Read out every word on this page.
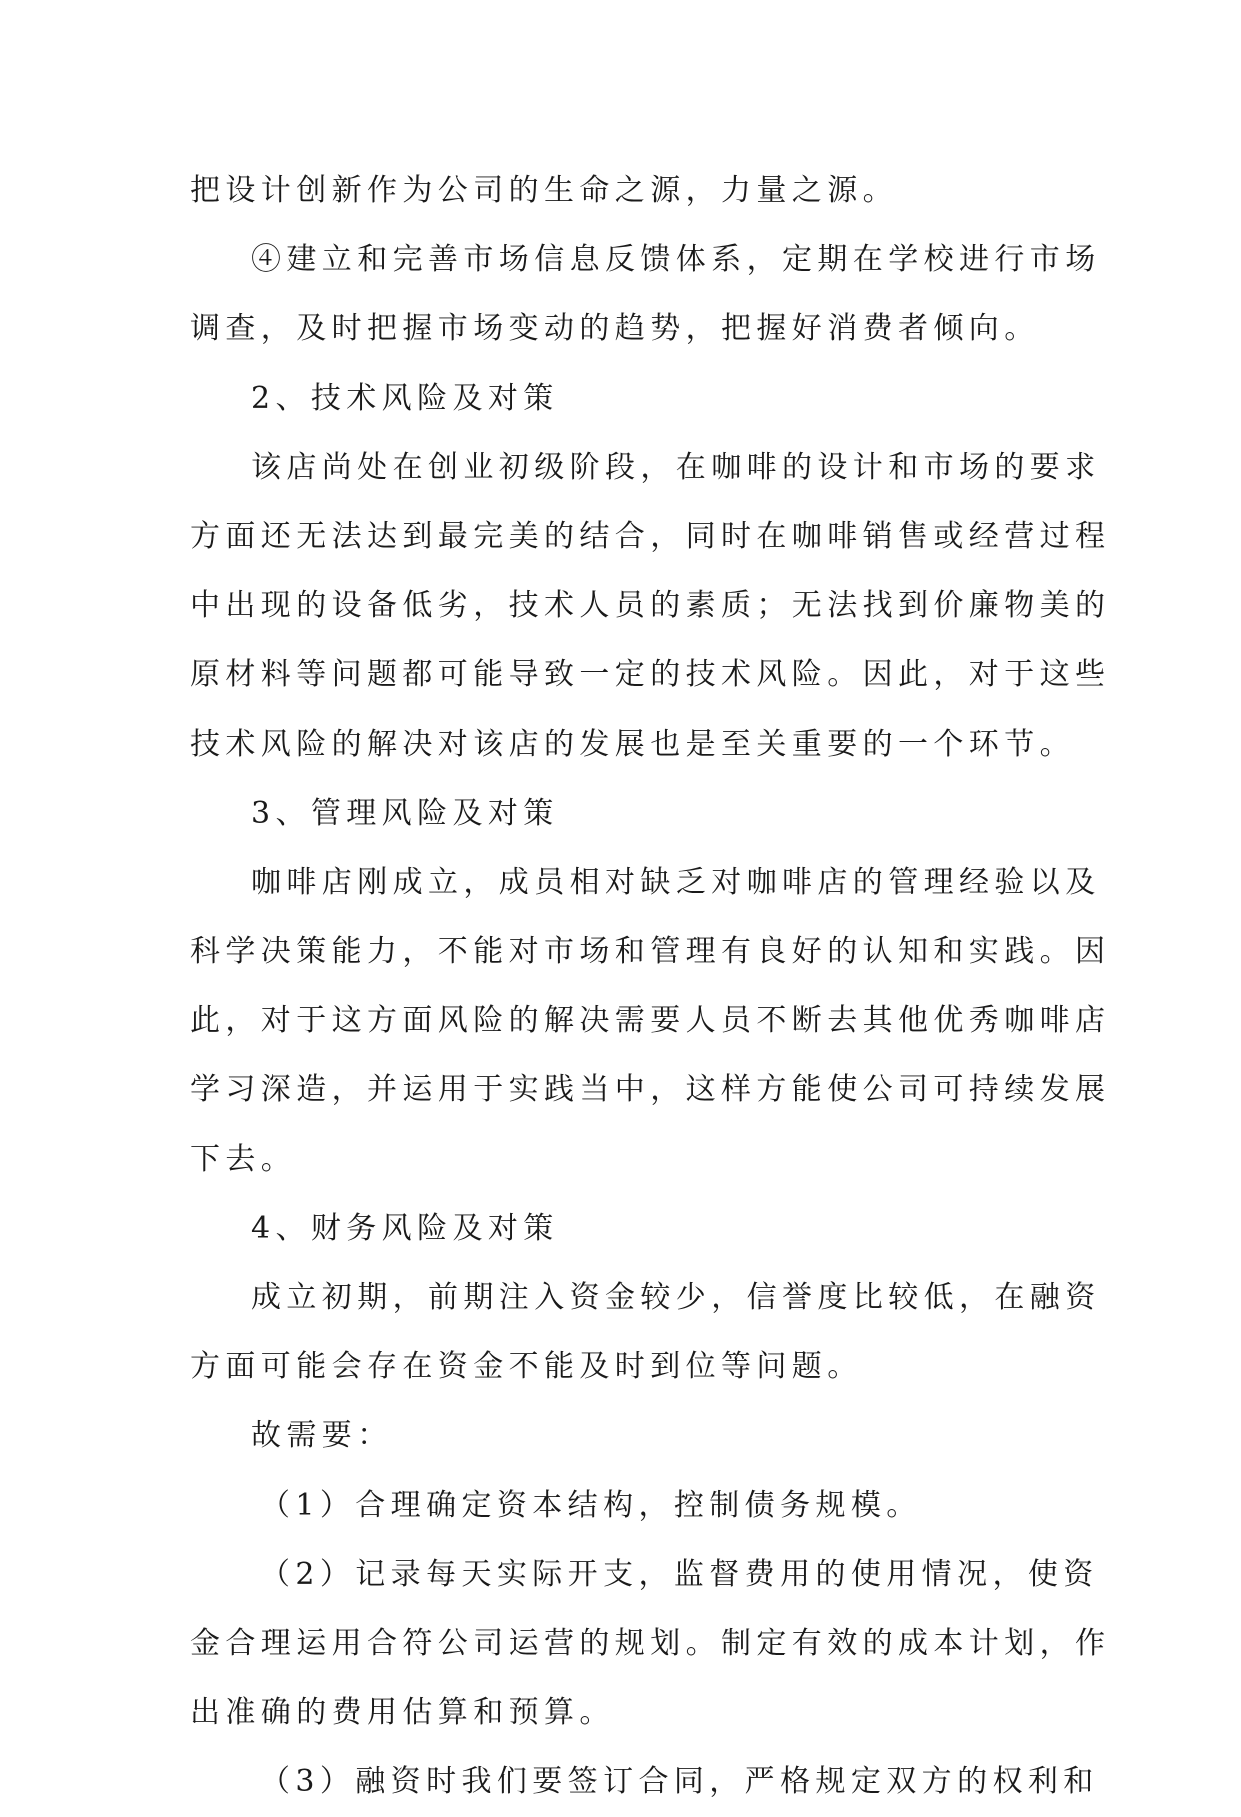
把设计创新作为公司的生命之源，力量之源。
④建立和完善市场信息反馈体系，定期在学校进行市场
调查，及时把握市场变动的趋势，把握好消费者倾向。
2、技术风险及对策
该店尚处在创业初级阶段，在咖啡的设计和市场的要求
方面还无法达到最完美的结合，同时在咖啡销售或经营过程
中出现的设备低劣，技术人员的素质；无法找到价廉物美的
原材料等问题都可能导致一定的技术风险。因此，对于这些
技术风险的解决对该店的发展也是至关重要的一个环节。
3、管理风险及对策
咖啡店刚成立，成员相对缺乏对咖啡店的管理经验以及
科学决策能力，不能对市场和管理有良好的认知和实践。因
此，对于这方面风险的解决需要人员不断去其他优秀咖啡店
学习深造，并运用于实践当中，这样方能使公司可持续发展
下去。
4、财务风险及对策
成立初期，前期注入资金较少，信誉度比较低，在融资
方面可能会存在资金不能及时到位等问题。
故需要：
（1）合理确定资本结构，控制债务规模。
（2）记录每天实际开支，监督费用的使用情况，使资
金合理运用合符公司运营的规划。制定有效的成本计划，作
出准确的费用估算和预算。
（3）融资时我们要签订合同，严格规定双方的权利和
